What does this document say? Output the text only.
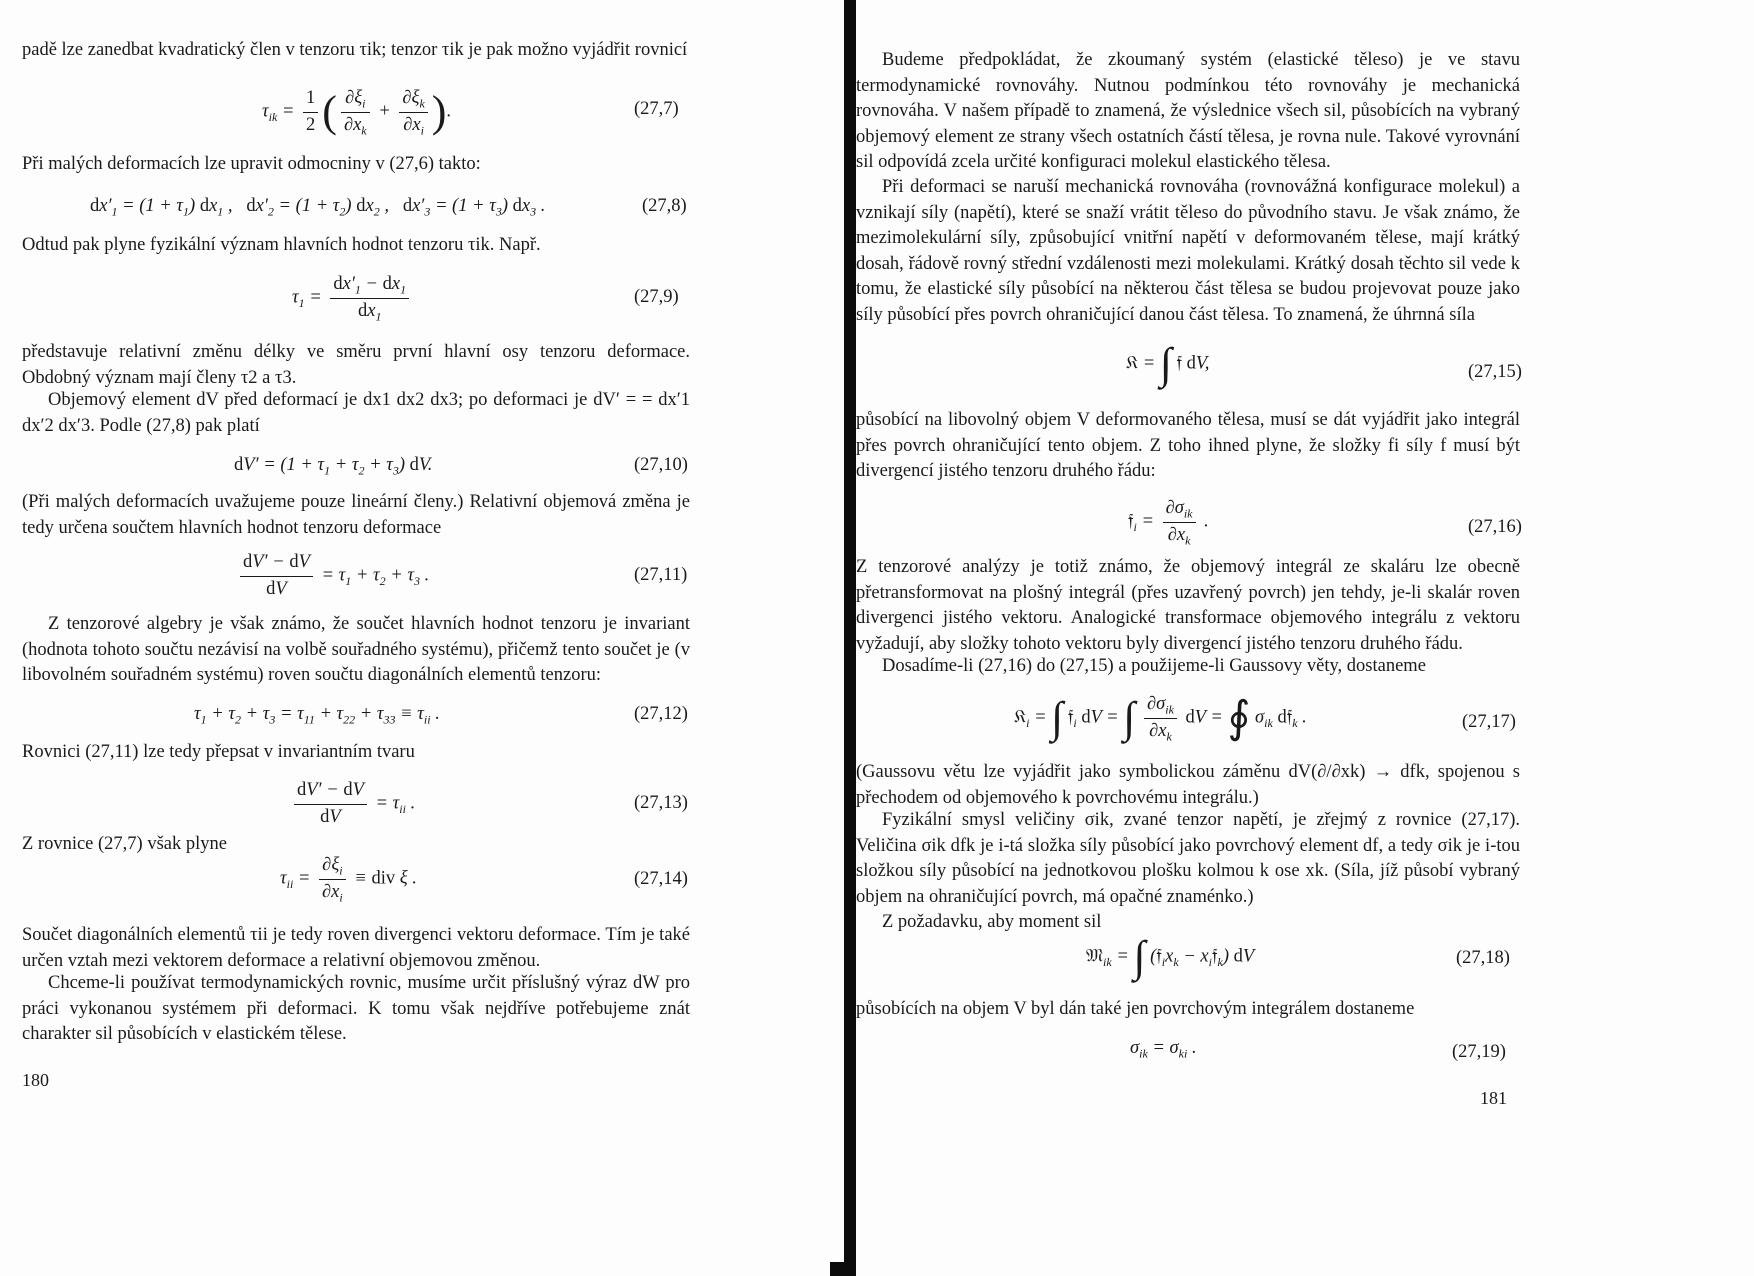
padě lze zanedbat kvadratický člen v tenzoru τik; tenzor τik je pak možno vyjádřit rovnicí

$\tau_{ik} = \frac{1}{2}$ ( $\frac{\partial\xi_i}{\partial x_k} + \frac{\partial\xi_k}{\partial x_i}$ ).	(27,7)

Při malých deformacích lze upravit odmocniny v (27,6) takto:

$dx'_1 = (1 + \tau_1)$ $dx_1$ ,   $dx'_2 = (1 + \tau_2)$ $dx_2$ ,   $dx'_3 = (1 + \tau_3)$ $dx_3$ .	(27,8)

Odtud pak plyne fyzikální význam hlavních hodnot tenzoru τik. Např.

$\tau_1 = \frac{dx'_1 - dx_1}{dx_1}$	(27,9)

představuje relativní změnu délky ve směru první hlavní osy tenzoru deformace. Obdobný význam mají členy τ2 a τ3.

Objemový element dV před deformací je dx1 dx2 dx3; po deformaci je dV′ = = dx′1 dx′2 dx′3. Podle (27,8) pak platí

$dV' = (1 + \tau_1 + \tau_2 + \tau_3)$ dV.	(27,10)

(Při malých deformacích uvažujeme pouze lineární členy.) Relativní objemová změna je tedy určena součtem hlavních hodnot tenzoru deformace

$\frac{dV' - dV}{dV} = \tau_1 + \tau_2 + \tau_3$ .	(27,11)

Z tenzorové algebry je však známo, že součet hlavních hodnot tenzoru je invariant (hodnota tohoto součtu nezávisí na volbě souřadného systému), přičemž tento součet je (v libovolném souřadném systému) roven součtu diagonálních elementů tenzoru:

$\tau_1 + \tau_2 + \tau_3 = \tau_{11} + \tau_{22} + \tau_{33} \equiv \tau_{ii}$ .	(27,12)

Rovnici (27,11) lze tedy přepsat v invariantním tvaru

$\frac{dV' - dV}{dV} = \tau_{ii}$ .	(27,13)

Z rovnice (27,7) však plyne

$\tau_{ii} = \frac{\partial\xi_i}{\partial x_i}$ ≡ div ξ .	(27,14)

Součet diagonálních elementů τii je tedy roven divergenci vektoru deformace. Tím je také určen vztah mezi vektorem deformace a relativní objemovou změnou.

Chceme-li používat termodynamických rovnic, musíme určit příslušný výraz dW pro práci vykonanou systémem při deformaci. K tomu však nejdříve potřebujeme znát charakter sil působících v elastickém tělese.

180

Budeme předpokládat, že zkoumaný systém (elastické těleso) je ve stavu termodynamické rovnováhy. Nutnou podmínkou této rovnováhy je mechanická rovnováha. V našem případě to znamená, že výslednice všech sil, působících na vybraný objemový element ze strany všech ostatních částí tělesa, je rovna nule. Takové vyrovnání sil odpovídá zcela určité konfiguraci molekul elastického tělesa.

Při deformaci se naruší mechanická rovnováha (rovnovážná konfigurace molekul) a vznikají síly (napětí), které se snaží vrátit těleso do původního stavu. Je však známo, že mezimolekulární síly, způsobující vnitřní napětí v deformovaném tělese, mají krátký dosah, řádově rovný střední vzdálenosti mezi molekulami. Krátký dosah těchto sil vede k tomu, že elastické síly působící na některou část tělesa se budou projevovat pouze jako síly působící přes povrch ohraničující danou část tělesa. To znamená, že úhrnná síla

𝔎 = ∫ 𝔣 dV,	(27,15)

působící na libovolný objem V deformovaného tělesa, musí se dát vyjádřit jako integrál přes povrch ohraničující tento objem. Z toho ihned plyne, že složky fi síly f musí být divergencí jistého tenzoru druhého řádu:

𝔣$_i$ = $\frac{\partial\sigma_{ik}}{\partial x_k}$ .	(27,16)

Z tenzorové analýzy je totiž známo, že objemový integrál ze skaláru lze obecně přetransformovat na plošný integrál (přes uzavřený povrch) jen tehdy, je-li skalár roven divergenci jistého vektoru. Analogické transformace objemového integrálu z vektoru vyžadují, aby složky tohoto vektoru byly divergencí jistého tenzoru druhého řádu.

Dosadíme-li (27,16) do (27,15) a použijeme-li Gaussovy věty, dostaneme

𝔎$_i$ = ∫ 𝔣$_i$ dV = ∫ $\frac{\partial\sigma_{ik}}{\partial x_k}$ dV = ∮ $\sigma_{ik}$ d𝔣$_k$ .	(27,17)

(Gaussovu větu lze vyjádřit jako symbolickou záměnu dV(∂/∂xk) → dfk, spojenou s přechodem od objemového k povrchovému integrálu.)

Fyzikální smysl veličiny σik, zvané tenzor napětí, je zřejmý z rovnice (27,17). Veličina σik dfk je i-tá složka síly působící jako povrchový element df, a tedy σik je i-tou složkou síly působící na jednotkovou plošku kolmou k ose xk. (Síla, jíž působí vybraný objem na ohraničující povrch, má opačné znaménko.)

Z požadavku, aby moment sil

𝔐$_{ik}$ = ∫ ($𝔣_ix_k$ − $x_i𝔣_k$) dV	(27,18)

působících na objem V byl dán také jen povrchovým integrálem dostaneme

$\sigma_{ik} = \sigma_{ki}$ .	(27,19)
181
